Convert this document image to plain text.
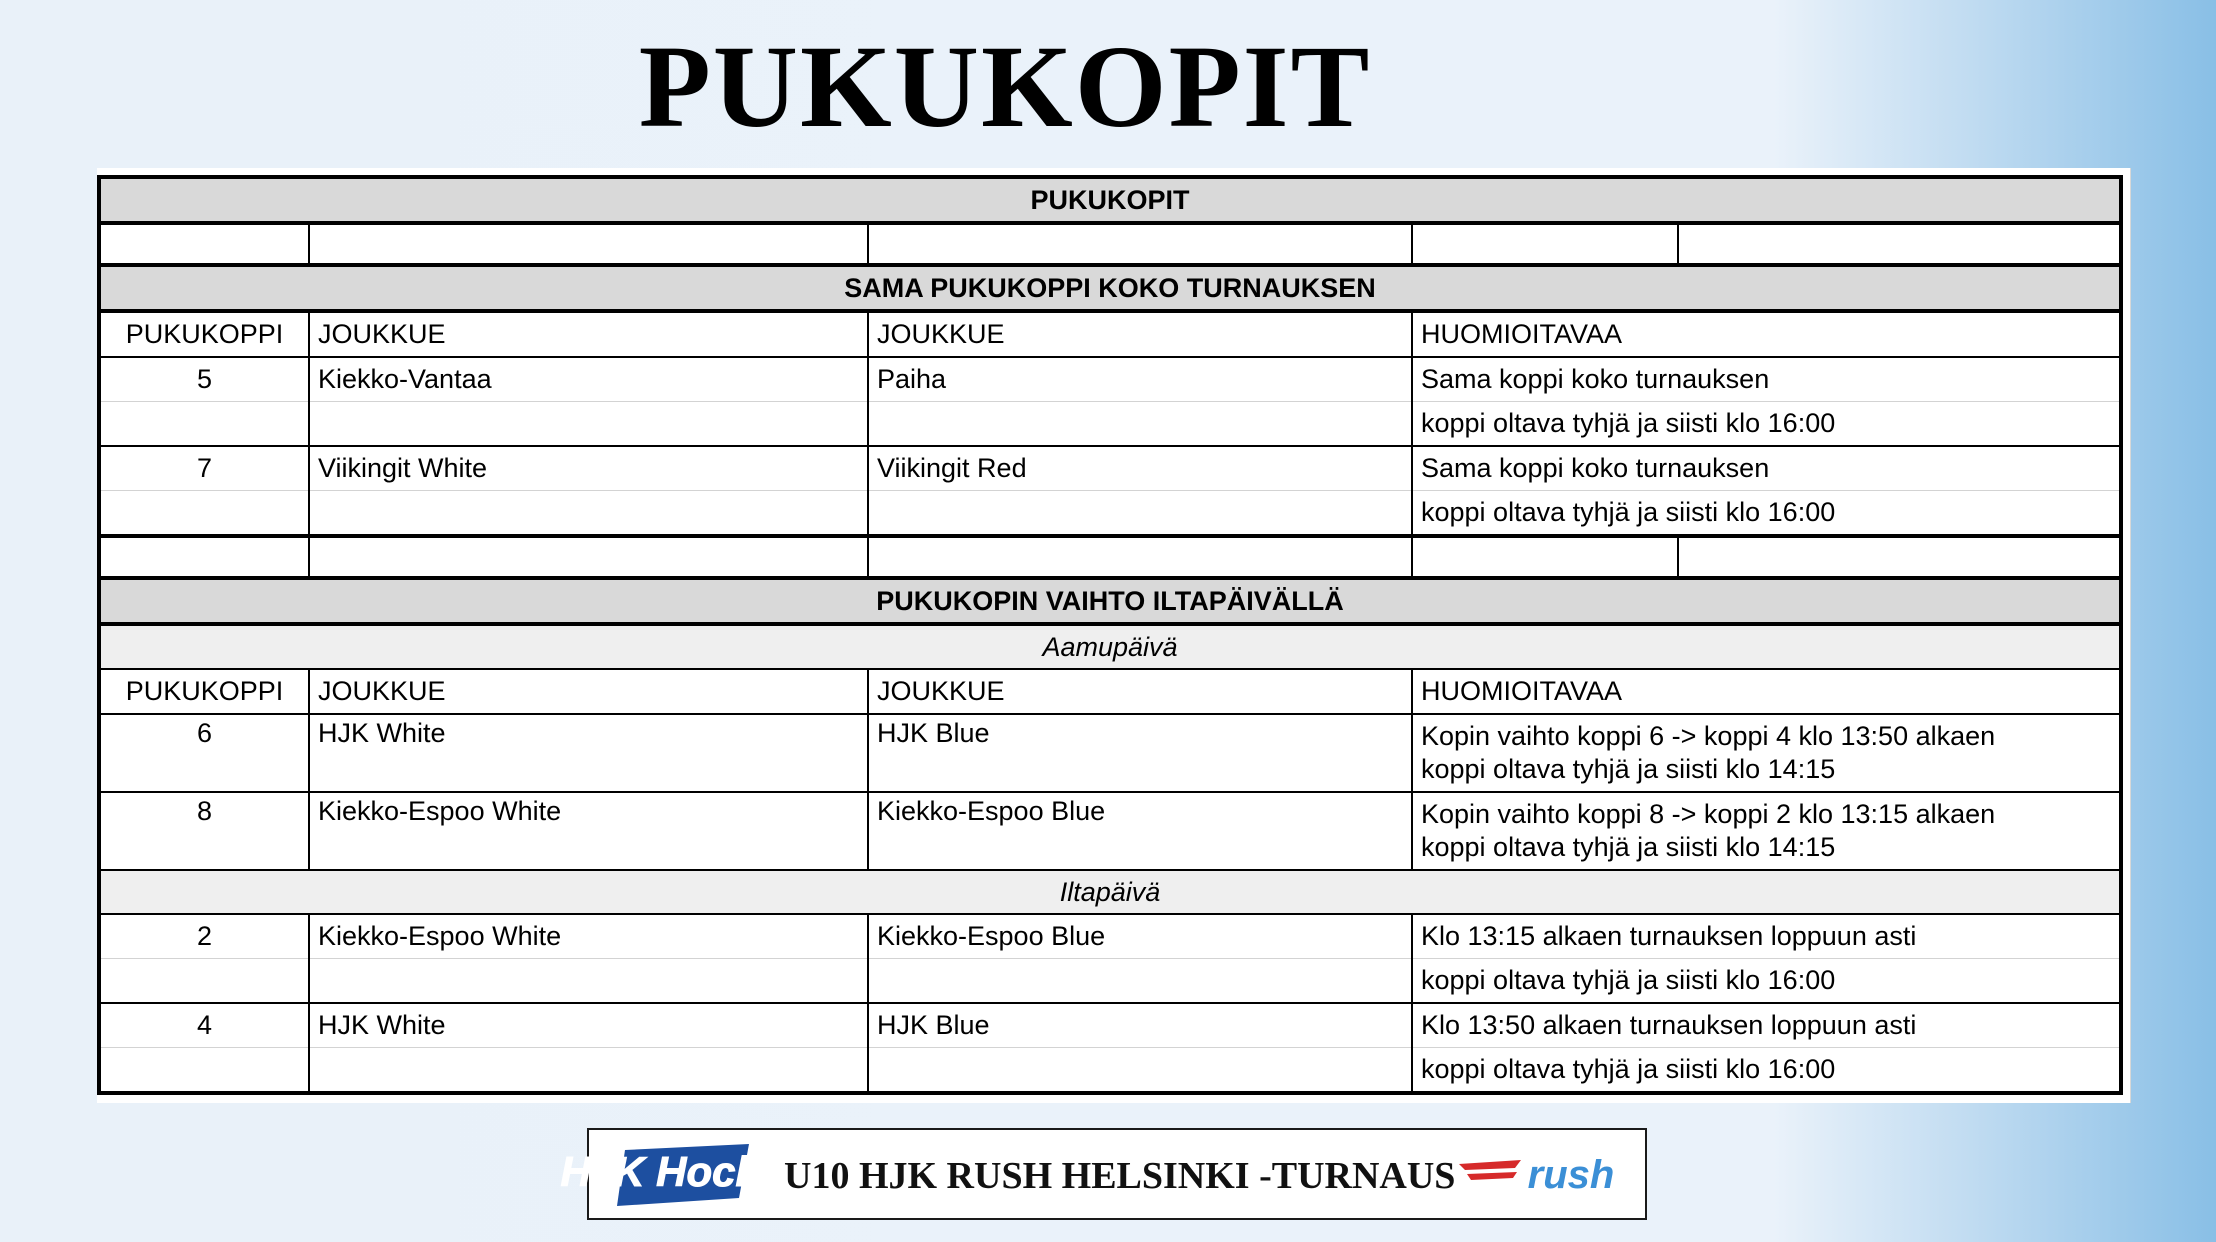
PUKUKOPIT
PUKUKOPIT				

SAMA PUKUKOPPI KOKO TURNAUKSEN				
PUKUKOPPI	JOUKKUE	JOUKKUE	HUOMIOITAVAA	
5	Kiekko-Vantaa	Paiha	Sama koppi koko turnauksen	
			koppi oltava tyhjä ja siisti klo 16:00	
7	Viikingit White	Viikingit Red	Sama koppi koko turnauksen	
			koppi oltava tyhjä ja siisti klo 16:00	

PUKUKOPIN VAIHTO ILTAPÄIVÄLLÄ				
Aamupäivä				
PUKUKOPPI	JOUKKUE	JOUKKUE	HUOMIOITAVAA	
6	HJK White	HJK Blue	Kopin vaihto koppi 6 -> koppi 4 klo 13:50 alkaen
koppi oltava tyhjä ja siisti klo 14:15	

8	Kiekko-Espoo White	Kiekko-Espoo Blue	Kopin vaihto koppi 8 -> koppi 2 klo 13:15 alkaen
koppi oltava tyhjä ja siisti klo 14:15	

Iltapäivä				
2	Kiekko-Espoo White	Kiekko-Espoo Blue	Klo 13:15 alkaen turnauksen loppuun asti	
			koppi oltava tyhjä ja siisti klo 16:00	
4	HJK White	HJK Blue	Klo 13:50 alkaen turnauksen loppuun asti	
			koppi oltava tyhjä ja siisti klo 16:00	
HJK Hockey
U10 HJK RUSH HELSINKI -TURNAUS rush
